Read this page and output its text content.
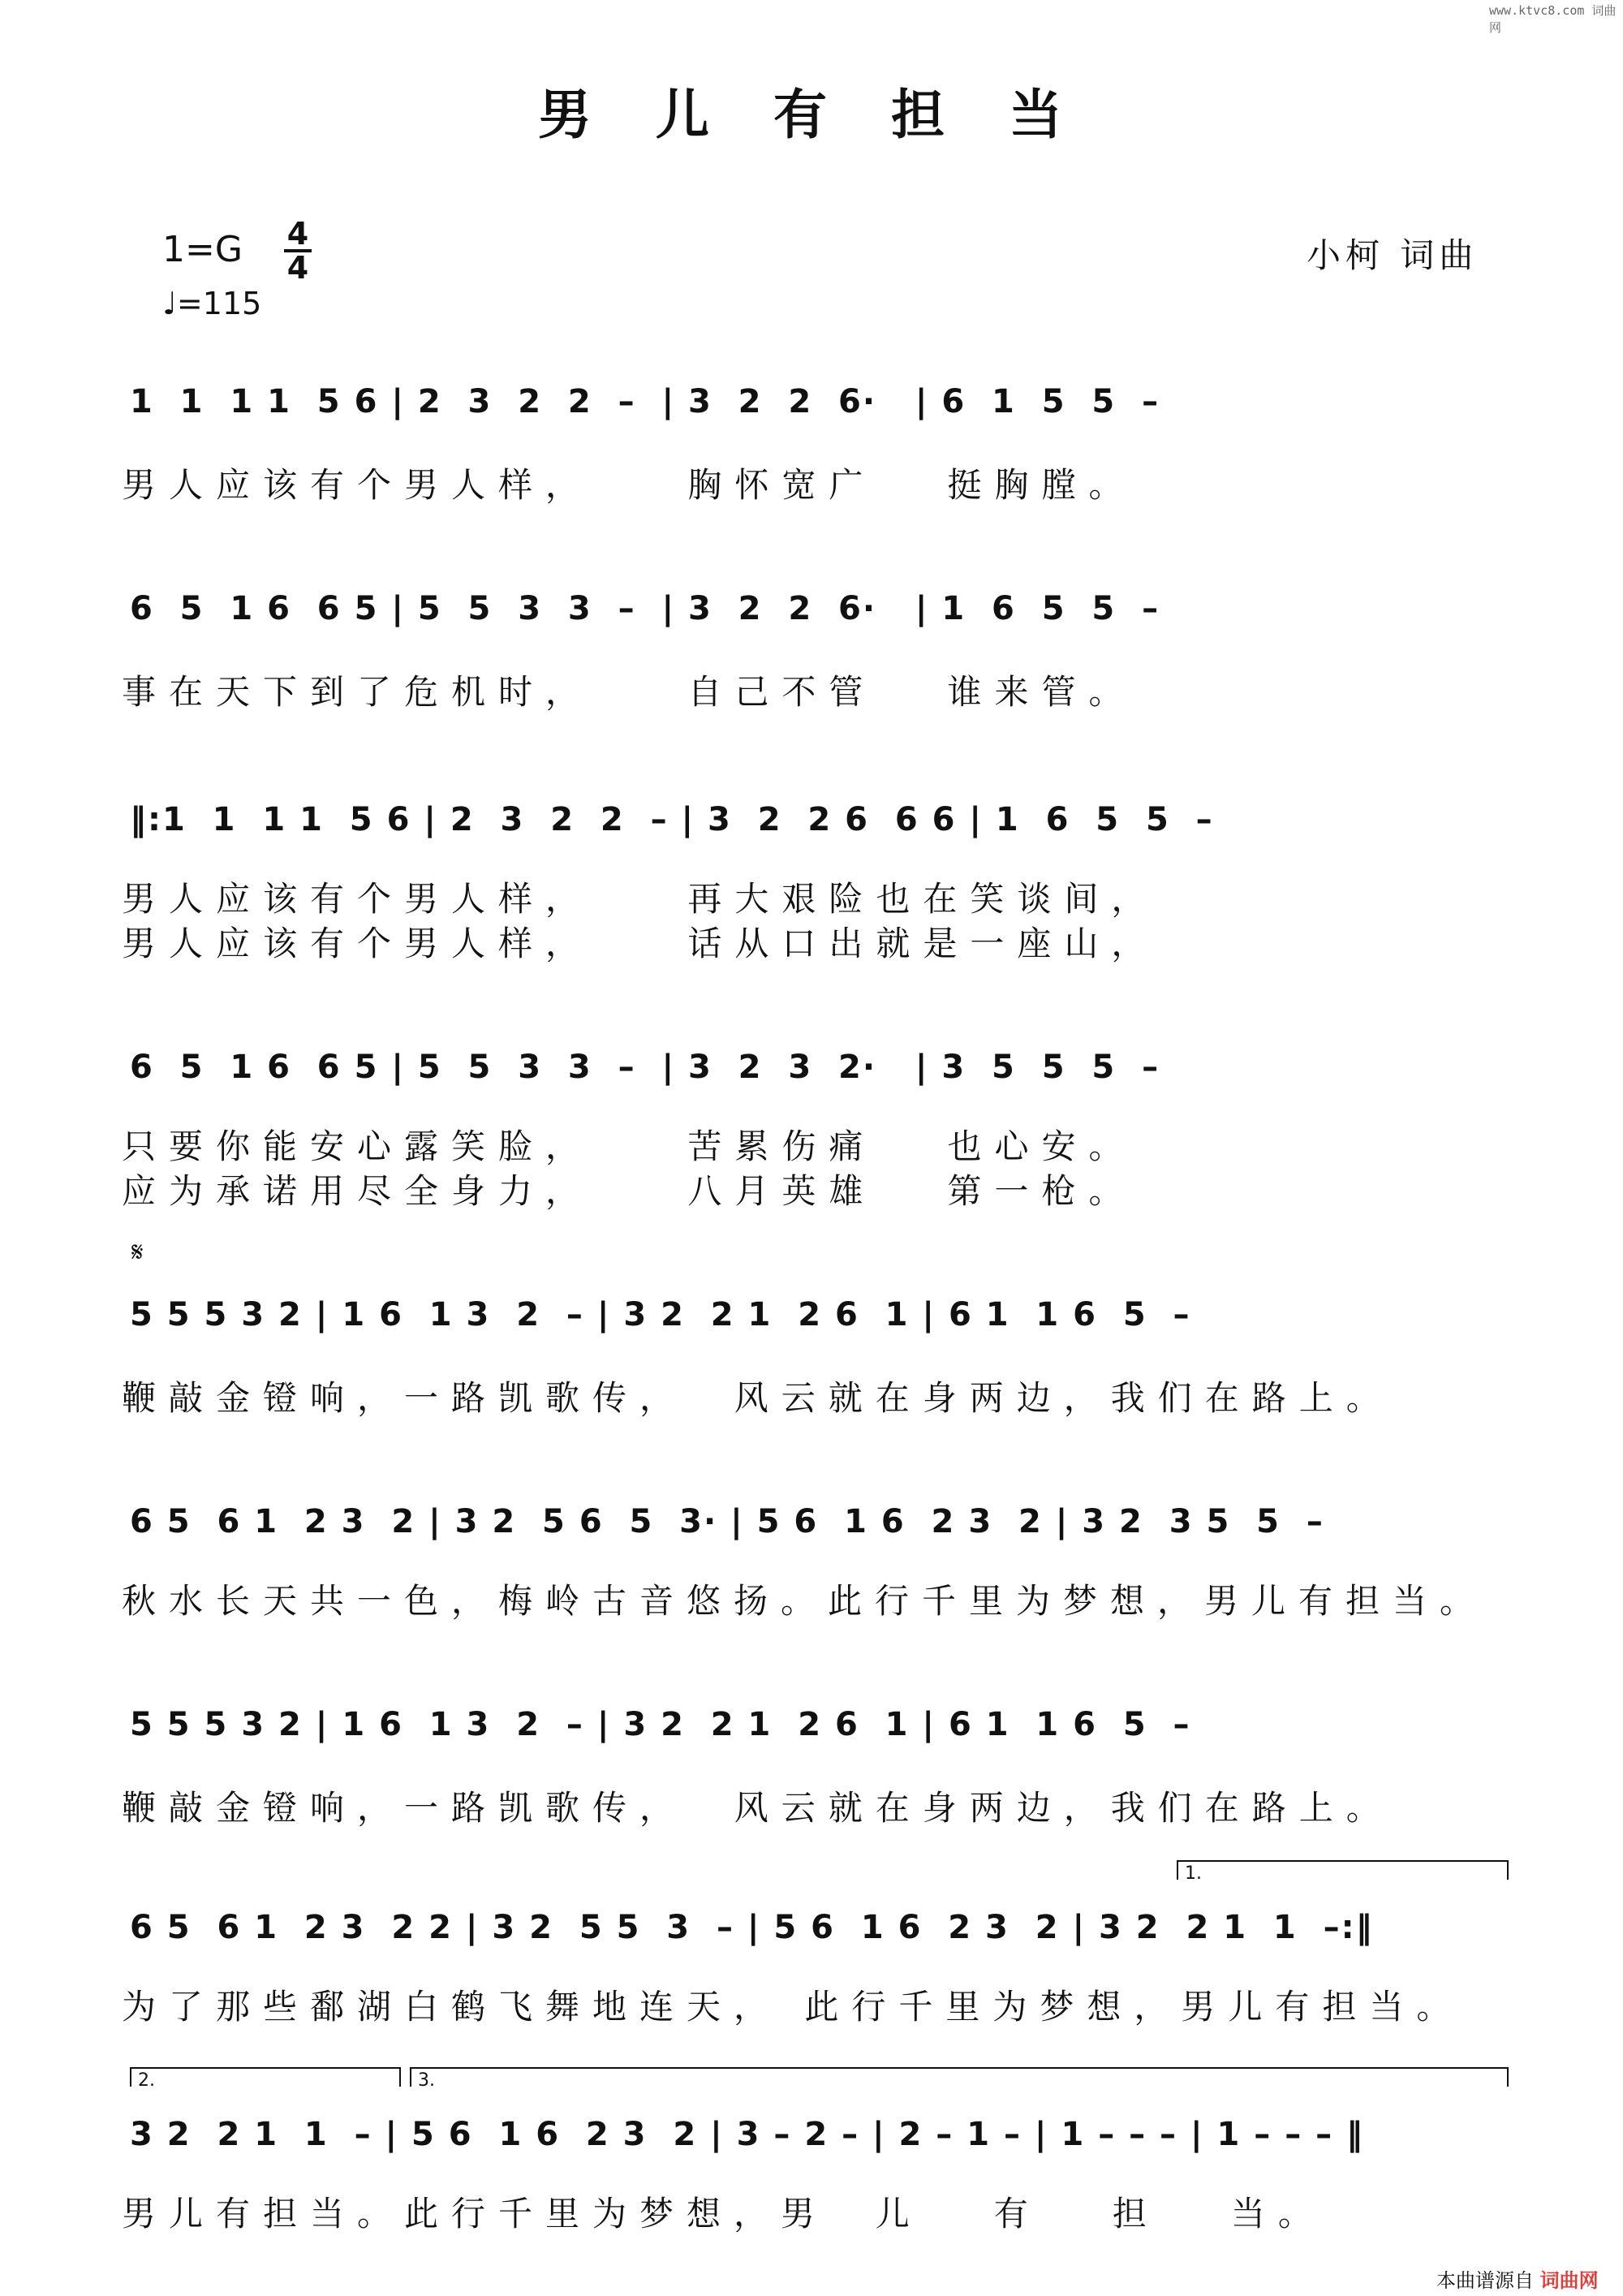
www.ktvc8.com 词曲网
男 儿 有 担 当
1=G 4
4
♩=115
小柯 词曲
1  1  1 1  5 6 | 2  3  2  2  –  | 3  2  2  6·   | 6  1  5  5  –
男人应该有个男人样，    胸怀宽广   挺胸膛。
6  5  1 6  6 5 | 5  5  3  3  –  | 3  2  2  6·   | 1  6  5  5  –
事在天下到了危机时，    自己不管   谁来管。
‖:1  1  1 1  5 6 | 2  3  2  2  – | 3  2  2 6  6 6 | 1  6  5  5  –
男人应该有个男人样，    再大艰险也在笑谈间，
男人应该有个男人样，    话从口出就是一座山，
6  5  1 6  6 5 | 5  5  3  3  –  | 3  2  3  2·   | 3  5  5  5  –
只要你能安心露笑脸，    苦累伤痛   也心安。
应为承诺用尽全身力，    八月英雄   第一枪。
𝄋
5 5 5 3 2 | 1 6  1 3  2  – | 3 2  2 1  2 6  1 | 6 1  1 6  5  –
鞭敲金镫响，一路凯歌传，  风云就在身两边，我们在路上。
6 5  6 1  2 3  2 | 3 2  5 6  5  3· | 5 6  1 6  2 3  2 | 3 2  3 5  5  –
秋水长天共一色，梅岭古音悠扬。此行千里为梦想，男儿有担当。
5 5 5 3 2 | 1 6  1 3  2  – | 3 2  2 1  2 6  1 | 6 1  1 6  5  –
鞭敲金镫响，一路凯歌传，  风云就在身两边，我们在路上。
1.
6 5  6 1  2 3  2 2 | 3 2  5 5  3  – | 5 6  1 6  2 3  2 | 3 2  2 1  1  –:‖
为了那些鄱湖白鹤飞舞地连天， 此行千里为梦想，男儿有担当。
2.	3.
3 2  2 1  1  – | 5 6  1 6  2 3  2 | 3 – 2 – | 2 – 1 – | 1 – – – | 1 – – – ‖
男儿有担当。此行千里为梦想，男  儿   有   担   当。
本曲谱源自 词曲网
